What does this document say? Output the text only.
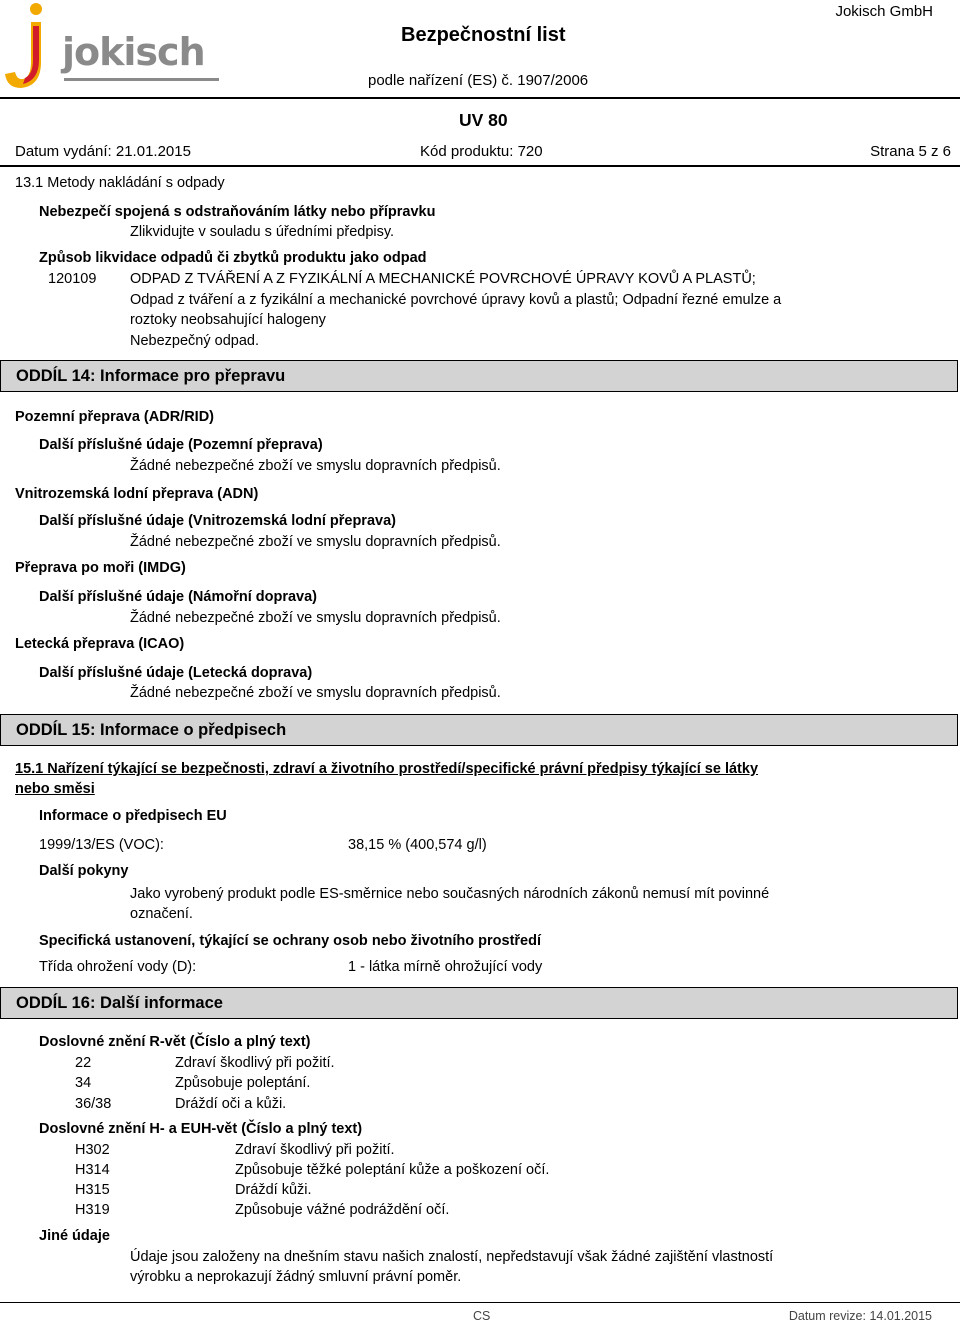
jokisch	Bezpečnostní list
Jokisch GmbH
podle nařízení (ES) č. 1907/2006
UV 80
Datum vydání: 21.01.2015	Kód produktu: 720	Strana 5 z 6
13.1 Metody nakládání s odpady
Nebezpečí spojená s odstraňováním látky nebo přípravku
Zlikvidujte v souladu s úředními předpisy.
Způsob likvidace odpadů či zbytků produktu jako odpad
120109 ODPAD Z TVÁŘENÍ A Z FYZIKÁLNÍ A MECHANICKÉ POVRCHOVÉ ÚPRAVY KOVŮ A PLASTŮ;
Odpad z tváření a z fyzikální a mechanické povrchové úpravy kovů a plastů; Odpadní řezné emulze a
roztoky neobsahující halogeny
Nebezpečný odpad.
ODDÍL 14: Informace pro přepravu
Pozemní přeprava (ADR/RID)
Další příslušné údaje (Pozemní přeprava)
Žádné nebezpečné zboží ve smyslu dopravních předpisů.
Vnitrozemská lodní přeprava (ADN)
Další příslušné údaje (Vnitrozemská lodní přeprava)
Žádné nebezpečné zboží ve smyslu dopravních předpisů.
Přeprava po moři (IMDG)
Další příslušné údaje (Námořní doprava)
Žádné nebezpečné zboží ve smyslu dopravních předpisů.
Letecká přeprava (ICAO)
Další příslušné údaje (Letecká doprava)
Žádné nebezpečné zboží ve smyslu dopravních předpisů.
ODDÍL 15: Informace o předpisech
15.1 Nařízení týkající se bezpečnosti, zdraví a životního prostředí/specifické právní předpisy týkající se látky
nebo směsi
Informace o předpisech EU
1999/13/ES (VOC):	38,15 % (400,574 g/l)
Další pokyny
Jako vyrobený produkt podle ES-směrnice nebo současných národních zákonů nemusí mít povinné
označení.
Specifická ustanovení, týkající se ochrany osob nebo životního prostředí
Třída ohrožení vody (D):	1 - látka mírně ohrožující vody
ODDÍL 16: Další informace
Doslovné znění R-vět (Číslo a plný text)
22	Zdraví škodlivý při požití.
34	Způsobuje poleptání.
36/38	Dráždí oči a kůži.
Doslovné znění H- a EUH-vět (Číslo a plný text)
H302	Zdraví škodlivý při požití.
H314	Způsobuje těžké poleptání kůže a poškození očí.
H315	Dráždí kůži.
H319	Způsobuje vážné podráždění očí.
Jiné údaje
Údaje jsou založeny na dnešním stavu našich znalostí, nepředstavují však žádné zajištění vlastností
výrobku a neprokazují žádný smluvní právní poměr.
CS	Datum revize: 14.01.2015
